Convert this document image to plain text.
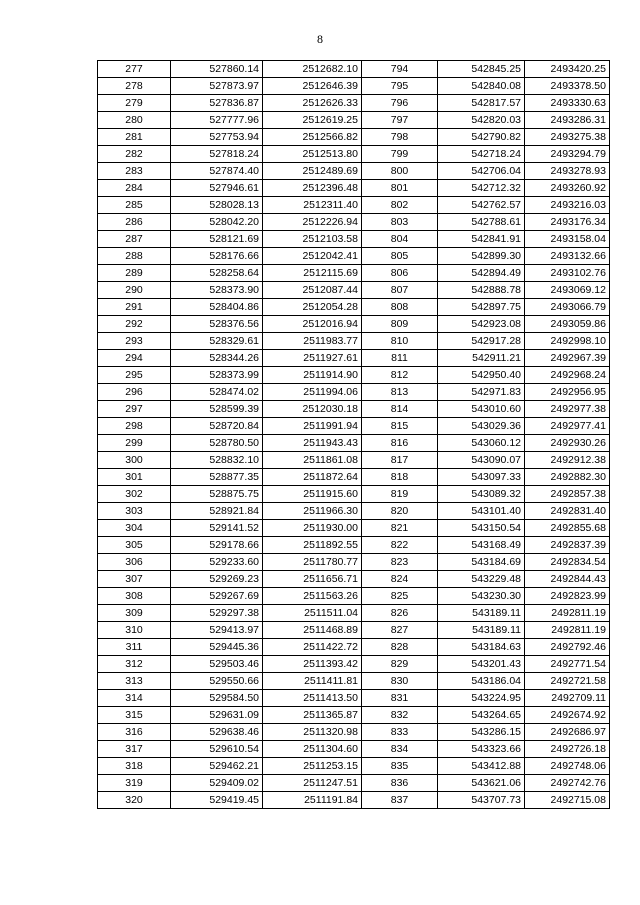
8
277	527860.14	2512682.10	794	542845.25	2493420.25
278	527873.97	2512646.39	795	542840.08	2493378.50
279	527836.87	2512626.33	796	542817.57	2493330.63
280	527777.96	2512619.25	797	542820.03	2493286.31
281	527753.94	2512566.82	798	542790.82	2493275.38
282	527818.24	2512513.80	799	542718.24	2493294.79
283	527874.40	2512489.69	800	542706.04	2493278.93
284	527946.61	2512396.48	801	542712.32	2493260.92
285	528028.13	2512311.40	802	542762.57	2493216.03
286	528042.20	2512226.94	803	542788.61	2493176.34
287	528121.69	2512103.58	804	542841.91	2493158.04
288	528176.66	2512042.41	805	542899.30	2493132.66
289	528258.64	2512115.69	806	542894.49	2493102.76
290	528373.90	2512087.44	807	542888.78	2493069.12
291	528404.86	2512054.28	808	542897.75	2493066.79
292	528376.56	2512016.94	809	542923.08	2493059.86
293	528329.61	2511983.77	810	542917.28	2492998.10
294	528344.26	2511927.61	811	542911.21	2492967.39
295	528373.99	2511914.90	812	542950.40	2492968.24
296	528474.02	2511994.06	813	542971.83	2492956.95
297	528599.39	2512030.18	814	543010.60	2492977.38
298	528720.84	2511991.94	815	543029.36	2492977.41
299	528780.50	2511943.43	816	543060.12	2492930.26
300	528832.10	2511861.08	817	543090.07	2492912.38
301	528877.35	2511872.64	818	543097.33	2492882.30
302	528875.75	2511915.60	819	543089.32	2492857.38
303	528921.84	2511966.30	820	543101.40	2492831.40
304	529141.52	2511930.00	821	543150.54	2492855.68
305	529178.66	2511892.55	822	543168.49	2492837.39
306	529233.60	2511780.77	823	543184.69	2492834.54
307	529269.23	2511656.71	824	543229.48	2492844.43
308	529267.69	2511563.26	825	543230.30	2492823.99
309	529297.38	2511511.04	826	543189.11	2492811.19
310	529413.97	2511468.89	827	543189.11	2492811.19
311	529445.36	2511422.72	828	543184.63	2492792.46
312	529503.46	2511393.42	829	543201.43	2492771.54
313	529550.66	2511411.81	830	543186.04	2492721.58
314	529584.50	2511413.50	831	543224.95	2492709.11
315	529631.09	2511365.87	832	543264.65	2492674.92
316	529638.46	2511320.98	833	543286.15	2492686.97
317	529610.54	2511304.60	834	543323.66	2492726.18
318	529462.21	2511253.15	835	543412.88	2492748.06
319	529409.02	2511247.51	836	543621.06	2492742.76
320	529419.45	2511191.84	837	543707.73	2492715.08
